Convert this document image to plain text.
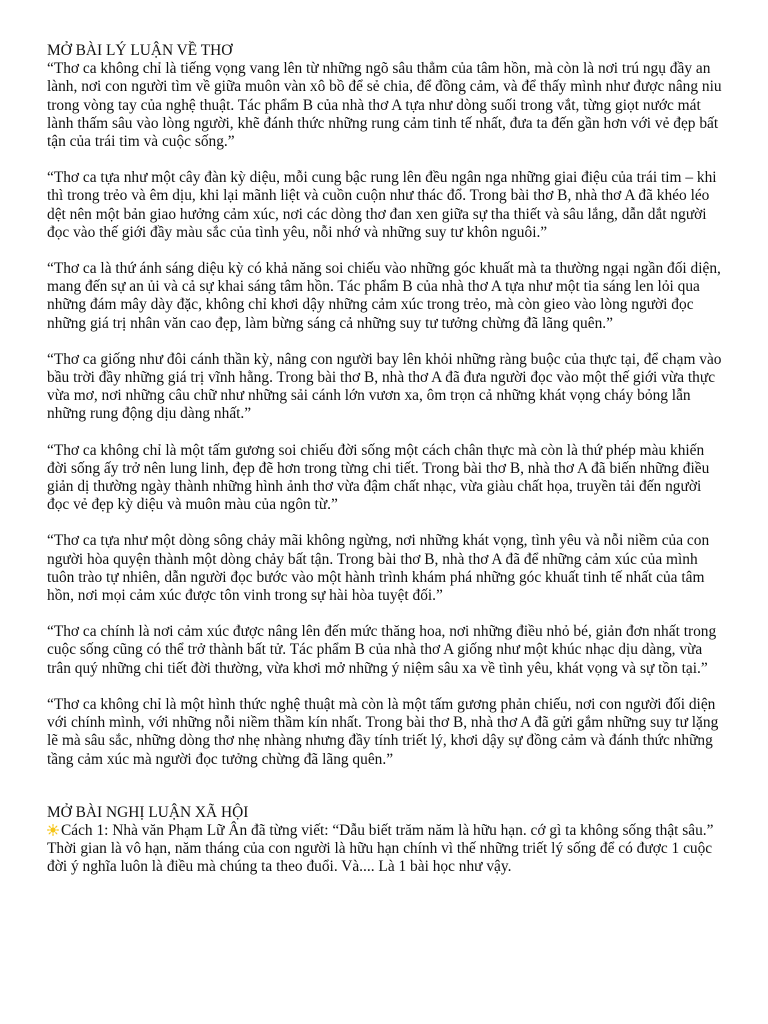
MỞ BÀI LÝ LUẬN VỀ THƠ

“Thơ ca không chỉ là tiếng vọng vang lên từ những ngõ sâu thẳm của tâm hồn, mà còn là nơi trú ngụ đầy an lành, nơi con người tìm về giữa muôn vàn xô bồ để sẻ chia, để đồng cảm, và để thấy mình như được nâng niu trong vòng tay của nghệ thuật. Tác phẩm B của nhà thơ A tựa như dòng suối trong vắt, từng giọt nước mát lành thấm sâu vào lòng người, khẽ đánh thức những rung cảm tinh tế nhất, đưa ta đến gần hơn với vẻ đẹp bất tận của trái tim và cuộc sống.”

“Thơ ca tựa như một cây đàn kỳ diệu, mỗi cung bậc rung lên đều ngân nga những giai điệu của trái tim – khi thì trong trẻo và êm dịu, khi lại mãnh liệt và cuồn cuộn như thác đổ. Trong bài thơ B, nhà thơ A đã khéo léo dệt nên một bản giao hưởng cảm xúc, nơi các dòng thơ đan xen giữa sự tha thiết và sâu lắng, dẫn dắt người đọc vào thế giới đầy màu sắc của tình yêu, nỗi nhớ và những suy tư khôn nguôi.”

“Thơ ca là thứ ánh sáng diệu kỳ có khả năng soi chiếu vào những góc khuất mà ta thường ngại ngần đối diện, mang đến sự an ủi và cả sự khai sáng tâm hồn. Tác phẩm B của nhà thơ A tựa như một tia sáng len lỏi qua những đám mây dày đặc, không chỉ khơi dậy những cảm xúc trong trẻo, mà còn gieo vào lòng người đọc những giá trị nhân văn cao đẹp, làm bừng sáng cả những suy tư tưởng chừng đã lãng quên.”

“Thơ ca giống như đôi cánh thần kỳ, nâng con người bay lên khỏi những ràng buộc của thực tại, để chạm vào bầu trời đầy những giá trị vĩnh hằng. Trong bài thơ B, nhà thơ A đã đưa người đọc vào một thế giới vừa thực vừa mơ, nơi những câu chữ như những sải cánh lớn vươn xa, ôm trọn cả những khát vọng cháy bỏng lẫn những rung động dịu dàng nhất.”

“Thơ ca không chỉ là một tấm gương soi chiếu đời sống một cách chân thực mà còn là thứ phép màu khiến đời sống ấy trở nên lung linh, đẹp đẽ hơn trong từng chi tiết. Trong bài thơ B, nhà thơ A đã biến những điều giản dị thường ngày thành những hình ảnh thơ vừa đậm chất nhạc, vừa giàu chất họa, truyền tải đến người đọc vẻ đẹp kỳ diệu và muôn màu của ngôn từ.”

“Thơ ca tựa như một dòng sông chảy mãi không ngừng, nơi những khát vọng, tình yêu và nỗi niềm của con người hòa quyện thành một dòng chảy bất tận. Trong bài thơ B, nhà thơ A đã để những cảm xúc của mình tuôn trào tự nhiên, dẫn người đọc bước vào một hành trình khám phá những góc khuất tinh tế nhất của tâm hồn, nơi mọi cảm xúc được tôn vinh trong sự hài hòa tuyệt đối.”

“Thơ ca chính là nơi cảm xúc được nâng lên đến mức thăng hoa, nơi những điều nhỏ bé, giản đơn nhất trong cuộc sống cũng có thể trở thành bất tử. Tác phẩm B của nhà thơ A giống như một khúc nhạc dịu dàng, vừa trân quý những chi tiết đời thường, vừa khơi mở những ý niệm sâu xa về tình yêu, khát vọng và sự tồn tại.”

“Thơ ca không chỉ là một hình thức nghệ thuật mà còn là một tấm gương phản chiếu, nơi con người đối diện với chính mình, với những nỗi niềm thầm kín nhất. Trong bài thơ B, nhà thơ A đã gửi gắm những suy tư lặng lẽ mà sâu sắc, những dòng thơ nhẹ nhàng nhưng đầy tính triết lý, khơi dậy sự đồng cảm và đánh thức những tầng cảm xúc mà người đọc tưởng chừng đã lãng quên.”

MỞ BÀI NGHỊ LUẬN XÃ HỘI

Cách 1: Nhà văn Phạm Lữ Ân đã từng viết: “Dẫu biết trăm năm là hữu hạn. cớ gì ta không sống thật sâu.” Thời gian là vô hạn, năm tháng của con người là hữu hạn chính vì thế những triết lý sống để có được 1 cuộc đời ý nghĩa luôn là điều mà chúng ta theo đuổi. Và.... Là 1 bài học như vậy.
